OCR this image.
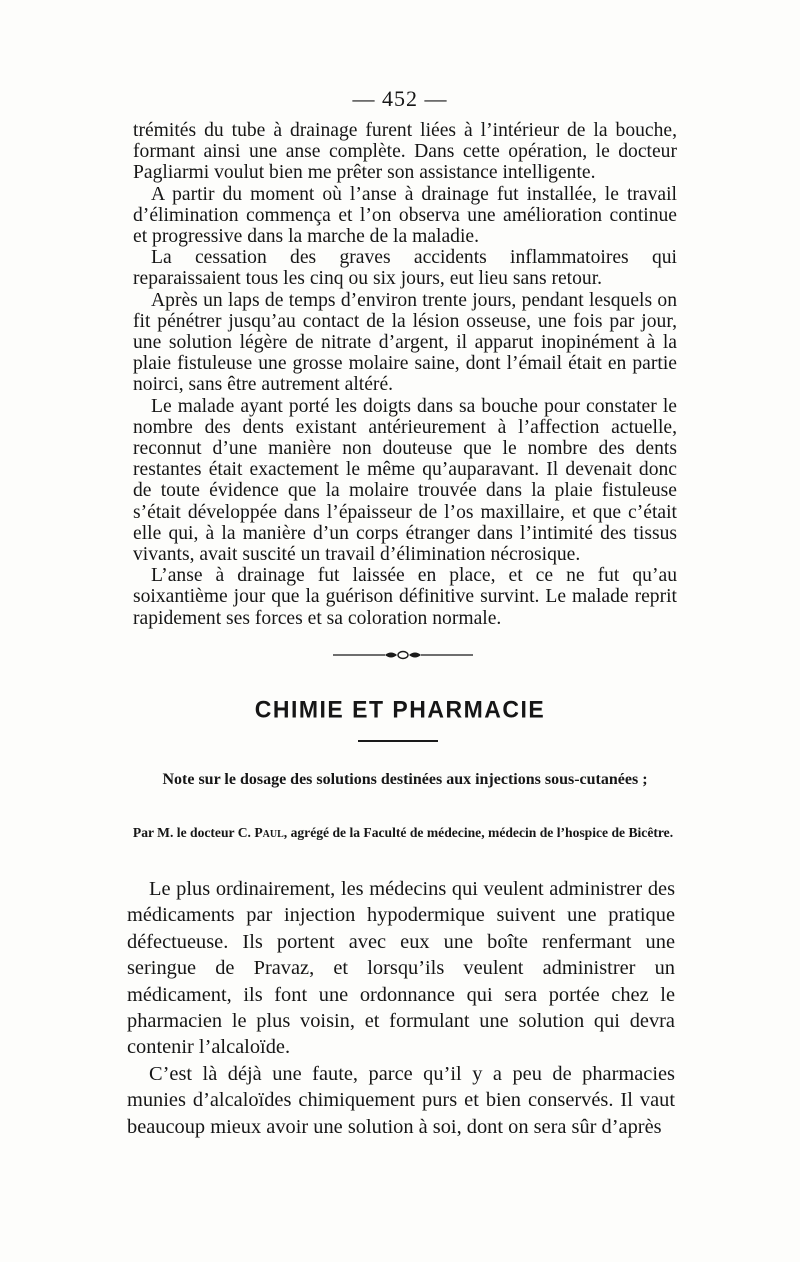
— 452 —

trémités du tube à drainage furent liées à l’intérieur de la bouche, formant ainsi une anse complète. Dans cette opération, le docteur Pagliarmi voulut bien me prêter son assistance intelligente.

A partir du moment où l’anse à drainage fut installée, le travail d’élimination commença et l’on observa une amélioration continue et progressive dans la marche de la maladie.

La cessation des graves accidents inflammatoires qui reparaissaient tous les cinq ou six jours, eut lieu sans retour.

Après un laps de temps d’environ trente jours, pendant lesquels on fit pénétrer jusqu’au contact de la lésion osseuse, une fois par jour, une solution légère de nitrate d’argent, il apparut inopinément à la plaie fistuleuse une grosse molaire saine, dont l’émail était en partie noirci, sans être autrement altéré.

Le malade ayant porté les doigts dans sa bouche pour constater le nombre des dents existant antérieurement à l’affection actuelle, reconnut d’une manière non douteuse que le nombre des dents restantes était exactement le même qu’auparavant. Il devenait donc de toute évidence que la molaire trouvée dans la plaie fistuleuse s’était développée dans l’épaisseur de l’os maxillaire, et que c’était elle qui, à la manière d’un corps étranger dans l’intimité des tissus vivants, avait suscité un travail d’élimination nécrosique.

L’anse à drainage fut laissée en place, et ce ne fut qu’au soixantième jour que la guérison définitive survint. Le malade reprit rapidement ses forces et sa coloration normale.

CHIMIE ET PHARMACIE
Note sur le dosage des solutions destinées aux injections sous-cutanées ;
Par M. le docteur C. Paul, agrégé de la Faculté de médecine, médecin de l’hospice de Bicêtre.

Le plus ordinairement, les médecins qui veulent administrer des médicaments par injection hypodermique suivent une pratique défectueuse. Ils portent avec eux une boîte renfermant une seringue de Pravaz, et lorsqu’ils veulent administrer un médicament, ils font une ordonnance qui sera portée chez le pharmacien le plus voisin, et formulant une solution qui devra contenir l’alcaloïde.

C’est là déjà une faute, parce qu’il y a peu de pharmacies munies d’alcaloïdes chimiquement purs et bien conservés. Il vaut beaucoup mieux avoir une solution à soi, dont on sera sûr d’après
